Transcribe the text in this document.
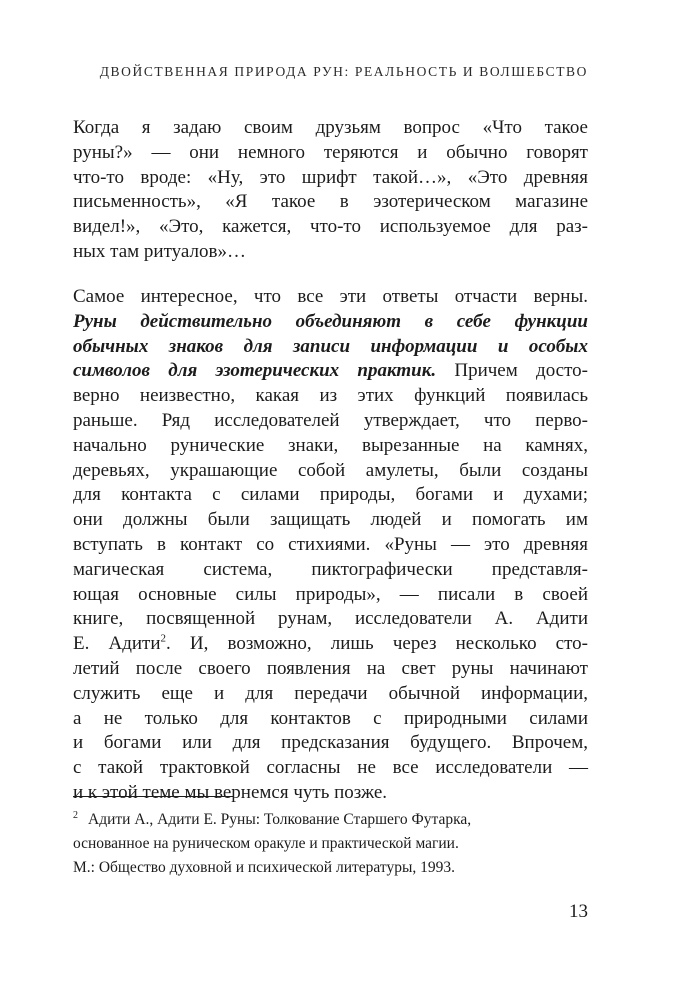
ДВОЙСТВЕННАЯ ПРИРОДА РУН: РЕАЛЬНОСТЬ И ВОЛШЕБСТВО

Когда я задаю своим друзьям вопрос «Что такое
руны?» — они немного теряются и обычно говорят
что-то вроде: «Ну, это шрифт такой…», «Это древняя
письменность», «Я такое в эзотерическом магазине
видел!», «Это, кажется, что-то используемое для раз-
ных там ритуалов»…

Самое интересное, что все эти ответы отчасти верны.
Руны действительно объединяют в себе функции
обычных знаков для записи информации и особых
символов для эзотерических практик. Причем досто-
верно неизвестно, какая из этих функций появилась
раньше. Ряд исследователей утверждает, что перво-
начально рунические знаки, вырезанные на камнях,
деревьях, украшающие собой амулеты, были созданы
для контакта с силами природы, богами и духами;
они должны были защищать людей и помогать им
вступать в контакт со стихиями. «Руны — это древняя
магическая система, пиктографически представля-
ющая основные силы природы», — писали в своей
книге, посвященной рунам, исследователи А. Адити
Е. Адити$^2$. И, возможно, лишь через несколько сто-
летий после своего появления на свет руны начинают
служить еще и для передачи обычной информации,
а не только для контактов с природными силами
и богами или для предсказания будущего. Впрочем,
с такой трактовкой согласны не все исследователи —
и к этой теме мы вернемся чуть позже.

$^2$ Адити А., Адити Е. Руны: Толкование Старшего Футарка,
основанное на руническом оракуле и практической магии.
М.: Общество духовной и психической литературы, 1993.

13
